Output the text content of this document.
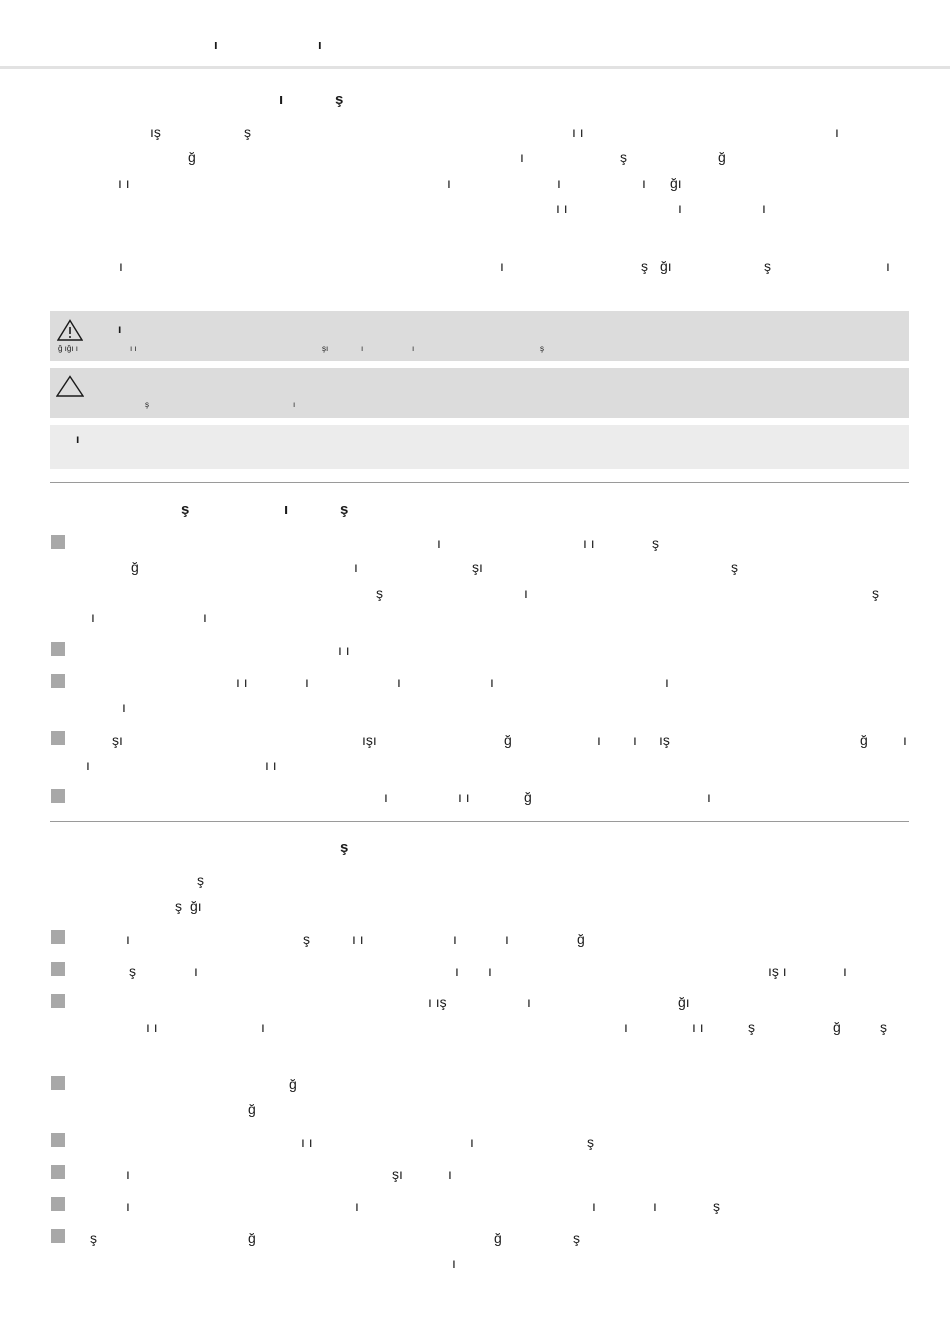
ı	ı
ı	ş
ış	ş	ı ı	ı
ğ	ı	ş	ğ
ı ı	ı	ı	ı ğı
ı ı	ı	ı
ı	ı	ş ğı	ş	ı
ı
ğ ığı ı	ı ı	şı	ı	ı	ş
ş	ı
ı
ş	ı	ş
ı	ı ı	ş
ğ	ı	şı	ş
ş	ı	ş
ı	ı
ı ı
ı ı	ı	ı	ı	ı
ı
şı	ışı	ğ	ı ı ış	ğ	ı
ı	ı ı
ı	ı ı	ğ	ı
ş
ş
ş ğı
ı	ş	ı ı	ı	ı	ğ
ş	ı	ı ı	ış ı	ı
ı ış	ı	ğı
ı ı	ı	ı	ı ı	ş	ğ	ş
ğ
ğ
ı ı	ı	ş
ı	şı	ı
ı	ı	ı	ı	ş
ş	ğ	ğ	ş
ı
